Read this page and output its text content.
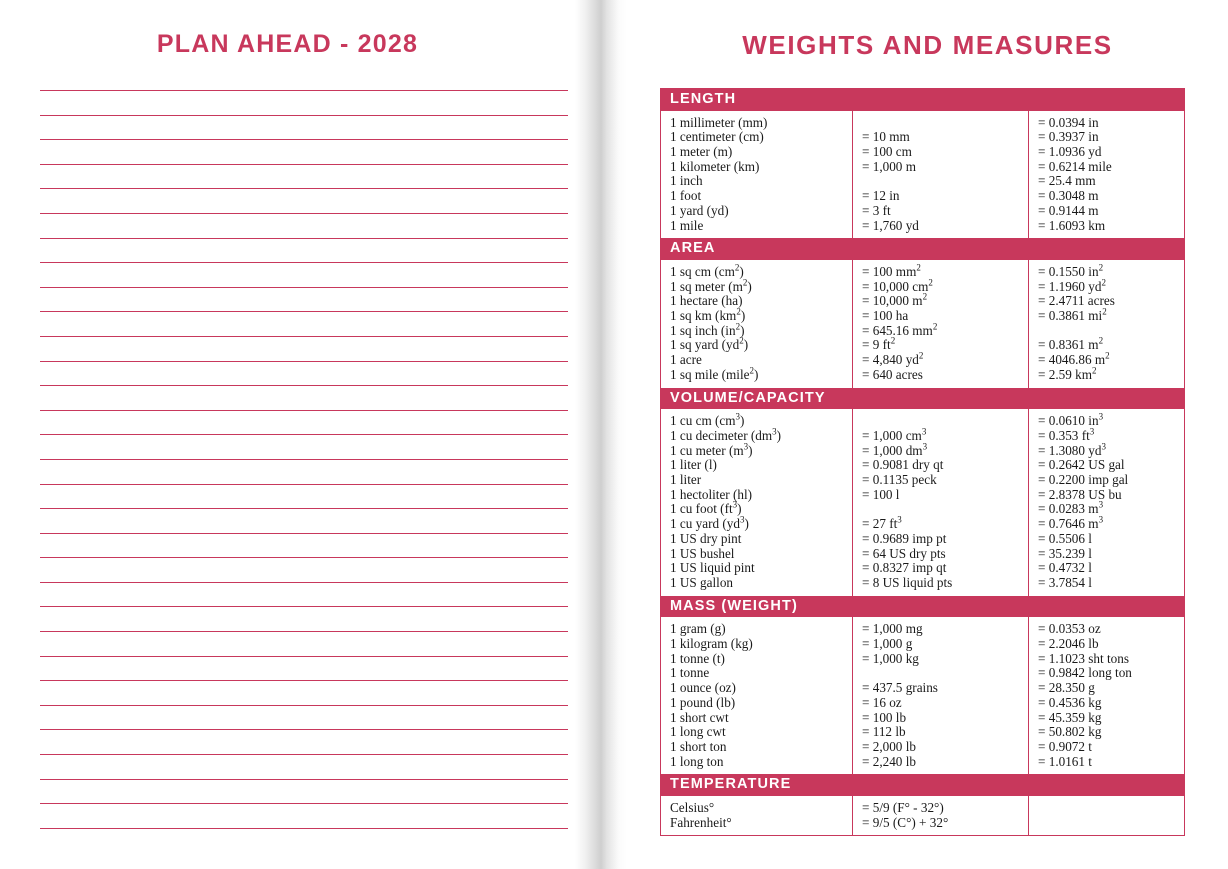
PLAN AHEAD - 2028	WEIGHTS AND MEASURES
LENGTH

1 millimeter (mm)		= 0.0394 in
1 centimeter (cm)	= 10 mm	= 0.3937 in
1 meter (m)	= 100 cm	= 1.0936 yd
1 kilometer (km)	= 1,000 m	= 0.6214 mile
1 inch		= 25.4 mm
1 foot	= 12 in	= 0.3048 m
1 yard (yd)	= 3 ft	= 0.9144 m
1 mile	= 1,760 yd	= 1.6093 km

AREA

1 sq cm $(cm^2)$	= 100 $mm^2$	= 0.1550 $in^2$
1 sq meter $(m^2)$	= 10,000 $cm^2$	= 1.1960 $yd^2$
1 hectare (ha)	= 10,000 $m^2$	= 2.4711 acres
1 sq km $(km^2)$	= 100 ha	= 0.3861 $mi^2$
1 sq inch $(in^2)$	= 645.16 $mm^2$	
1 sq yard $(yd^2)$	= 9 $ft^2$	= 0.8361 $m^2$
1 acre	= 4,840 $yd^2$	= 4046.86 $m^2$
1 sq mile (mile$^2$)	= 640 acres	= 2.59 $km^2$

VOLUME/CAPACITY

1 cu cm $(cm^3)$		= 0.0610 $in^3$
1 cu decimeter $(dm^3)$	= 1,000 $cm^3$	= 0.353 $ft^3$
1 cu meter $(m^3)$	= 1,000 $dm^3$	= 1.3080 $yd^3$
1 liter (l)	= 0.9081 dry qt	= 0.2642 US gal
1 liter	= 0.1135 peck	= 0.2200 imp gal
1 hectoliter (hl)	= 100 l	= 2.8378 US bu
1 cu foot $(ft^3)$		= 0.0283 $m^3$
1 cu yard $(yd^3)$	= 27 $ft^3$	= 0.7646 $m^3$
1 US dry pint	= 0.9689 imp pt	= 0.5506 l
1 US bushel	= 64 US dry pts	= 35.239 l
1 US liquid pint	= 0.8327 imp qt	= 0.4732 l
1 US gallon	= 8 US liquid pts	= 3.7854 l

MASS (WEIGHT)

1 gram (g)	= 1,000 mg	= 0.0353 oz
1 kilogram (kg)	= 1,000 g	= 2.2046 lb
1 tonne (t)	= 1,000 kg	= 1.1023 sht tons
1 tonne		= 0.9842 long ton
1 ounce (oz)	= 437.5 grains	= 28.350 g
1 pound (lb)	= 16 oz	= 0.4536 kg
1 short cwt	= 100 lb	= 45.359 kg
1 long cwt	= 112 lb	= 50.802 kg
1 short ton	= 2,000 lb	= 0.9072 t
1 long ton	= 2,240 lb	= 1.0161 t

TEMPERATURE

Celsius°	= 5/9 (F° - 32°)	
Fahrenheit°	= 9/5 (C°) + 32°	
